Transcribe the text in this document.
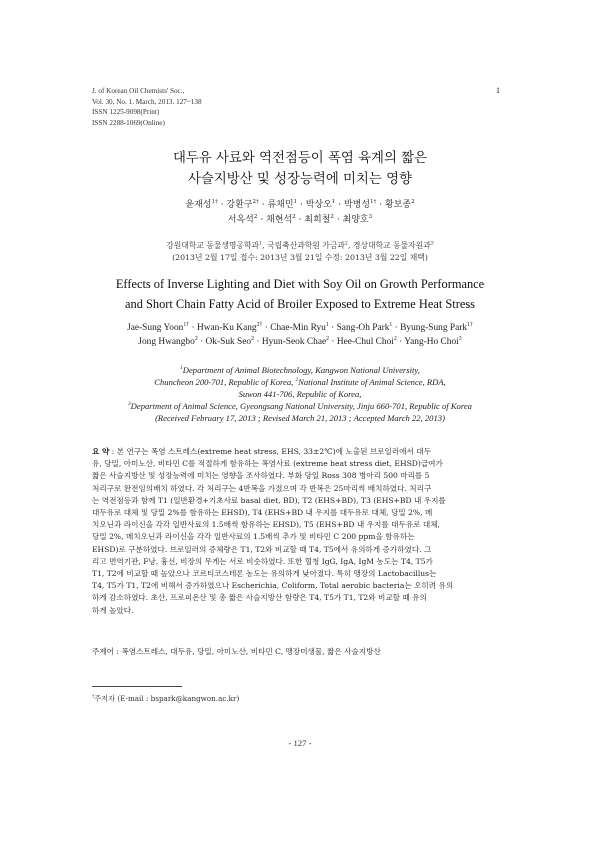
J. of Korean Oil Chemists' Soc.,
Vol. 30, No. 1. March, 2013. 127~138
ISSN 1225-9098(Print)
ISSN 2288-1069(Online)
1
대두유 사료와 역전점등이 폭염 육계의 짧은
사슬지방산 및 성장능력에 미치는 영향
윤재성$^{1\dagger}$ · 강환구$^{2\dagger}$ · 류채민$^1$ · 박상오$^1$ · 박병성$^{1\dagger}$ · 황보종$^2$
서옥석$^2$ · 채현석$^2$ · 최희철$^2$ · 최양호$^3$
강원대학교 동물생명공학과$^1$, 국립축산과학원 가금과$^2$, 경상대학교 동물자원과$^3$
(2013년 2월 17일 접수: 2013년 3월 21일 수정: 2013년 3월 22일 채택)
Effects of Inverse Lighting and Diet with Soy Oil on Growth Performance
and Short Chain Fatty Acid of Broiler Exposed to Extreme Heat Stress
Jae-Sung Yoon$^{1\dagger}$ · Hwan-Ku Kang$^{2\dagger}$ · Chae-Min Ryu$^1$ · Sang-Oh Park$^1$ · Byung-Sung Park$^{1\dagger}$
Jong Hwangbo$^2$ · Ok-Suk Seo$^2$ · Hyun-Seok Chae$^2$ · Hee-Chul Choi$^2$ · Yang-Ho Choi$^3$
$^1$Department of Animal Biotechnology, Kangwon National University,
Chuncheon 200-701, Republic of Korea, $^2$National Institute of Animal Science, RDA,
Suwon 441-706, Republic of Korea,
$^3$Department of Animal Science, Gyeongsang National University, Jinju 660-701, Republic of Korea
(Received February 17, 2013 ; Revised March 21, 2013 ; Accepted March 22, 2013)
요 약 : 본 연구는 폭염 스트레스(extreme heat stress, EHS, 33±2℃)에 노출된 브로일러에서 대두
유, 당밀, 아미노산, 비타민 C를 적절하게 함유하는 폭염사료 (extreme heat stress diet, EHSD)급여가
짧은 사슬지방산 및 성장능력에 미치는 영향을 조사하였다. 부화 당일 Ross 308 병아리 500 마리를 5
처리구로 완전임의배치 하였다. 각 처리구는 4반복을 가졌으며 각 반복은 25마리씩 배치하였다. 처리구
는 역전점등과 함께 T1 (일반환경+기초사료 basal diet, BD), T2 (EHS+BD), T3 (EHS+BD 내 우지를
대두유로 대체 및 당밀 2%를 함유하는 EHSD), T4 (EHS+BD 내 우지를 대두유로 대체, 당밀 2%, 메
치오닌과 라이신을 각각 일반사료의 1.5배씩 함유하는 EHSD), T5 (EHS+BD 내 우지를 대두유로 대체,
당밀 2%, 메치오닌과 라이신을 각각 일반사료의 1.5배씩 추가 및 비타민 C 200 ppm을 함유하는
EHSD)로 구분하였다. 브로일러의 증체량은 T1, T2와 비교할 때 T4, T5에서 유의하게 증가하였다. 그
리고 면역기관, F낭, 흉선, 비장의 무게는 서로 비슷하였다. 또한 혈청 IgG, IgA, IgM 농도는 T4, T5가
T1, T2에 비교할 때 높았으나 코르티코스테론 농도는 유의하게 낮아졌다. 특히 맹장의 Lactobacillus는
T4, T5가 T1, T2에 비해서 증가하였으나 Escherichia, Coliform, Total aerobic bacteria는 오히려 유의
하게 감소하였다. 초산, 프로피온산 및 총 짧은 사슬지방산 함량은 T4, T5가 T1, T2와 비교할 때 유의
하게 높았다.
주제어 : 폭염스트레스, 대두유, 당밀, 아미노산, 비타민 C, 맹장미생물, 짧은 사슬지방산
†주저자 (E-mail : bspark@kangwon.ac.kr)
- 127 -
